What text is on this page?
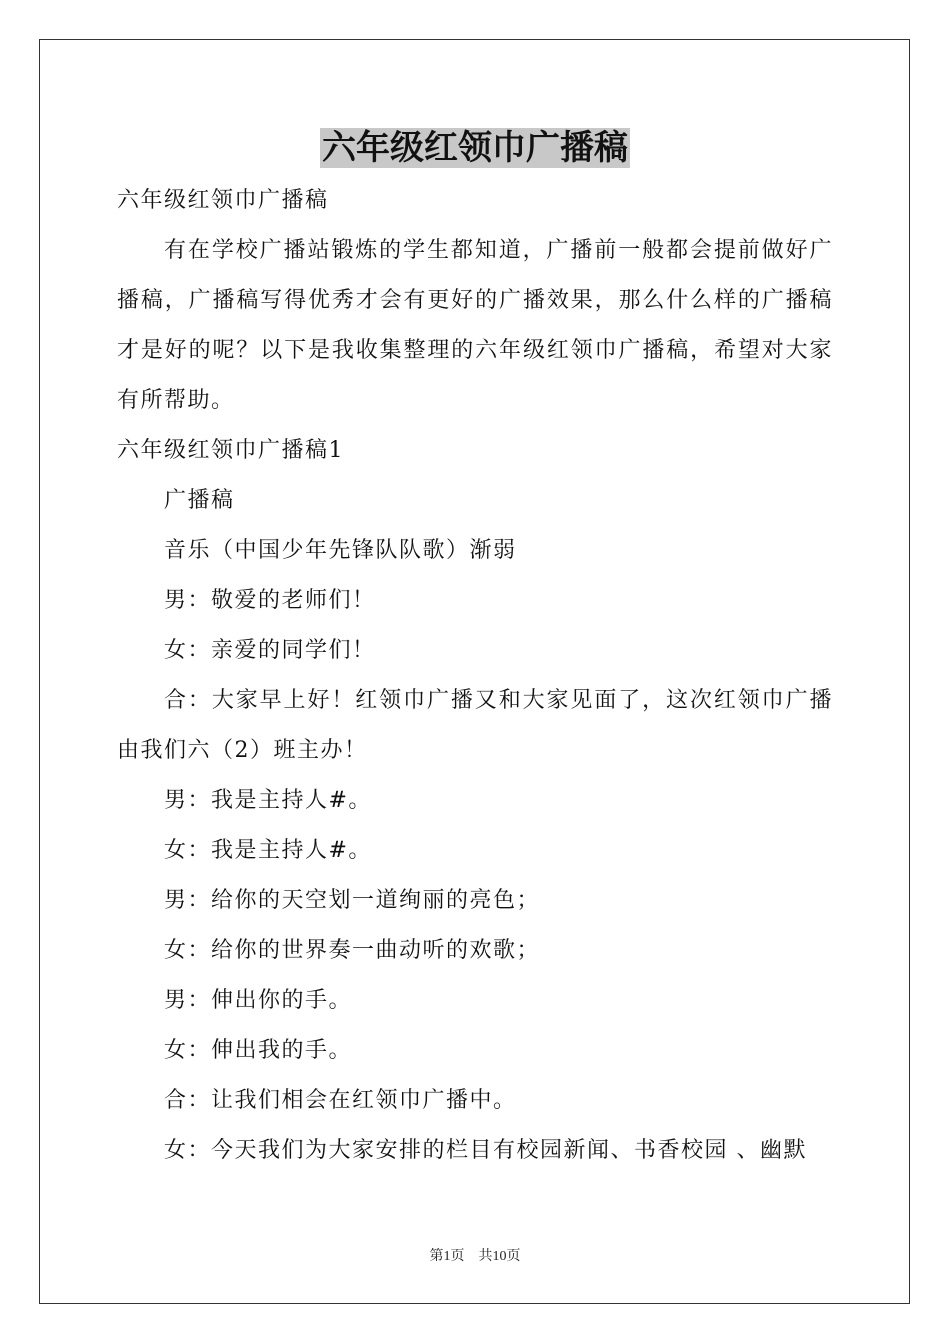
六年级红领巾广播稿

六年级红领巾广播稿

有在学校广播站锻炼的学生都知道，广播前一般都会提前做好广播稿，广播稿写得优秀才会有更好的广播效果，那么什么样的广播稿才是好的呢？以下是我收集整理的六年级红领巾广播稿，希望对大家有所帮助。

六年级红领巾广播稿1

广播稿

音乐（中国少年先锋队队歌）渐弱

男：敬爱的老师们！

女：亲爱的同学们！

合：大家早上好！红领巾广播又和大家见面了，这次红领巾广播由我们六（2）班主办！

男：我是主持人#。

女：我是主持人#。

男：给你的天空划一道绚丽的亮色；

女：给你的世界奏一曲动听的欢歌；

男：伸出你的手。

女：伸出我的手。

合：让我们相会在红领巾广播中。

女：今天我们为大家安排的栏目有校园新闻、书香校园 、幽默

第1页　共10页
